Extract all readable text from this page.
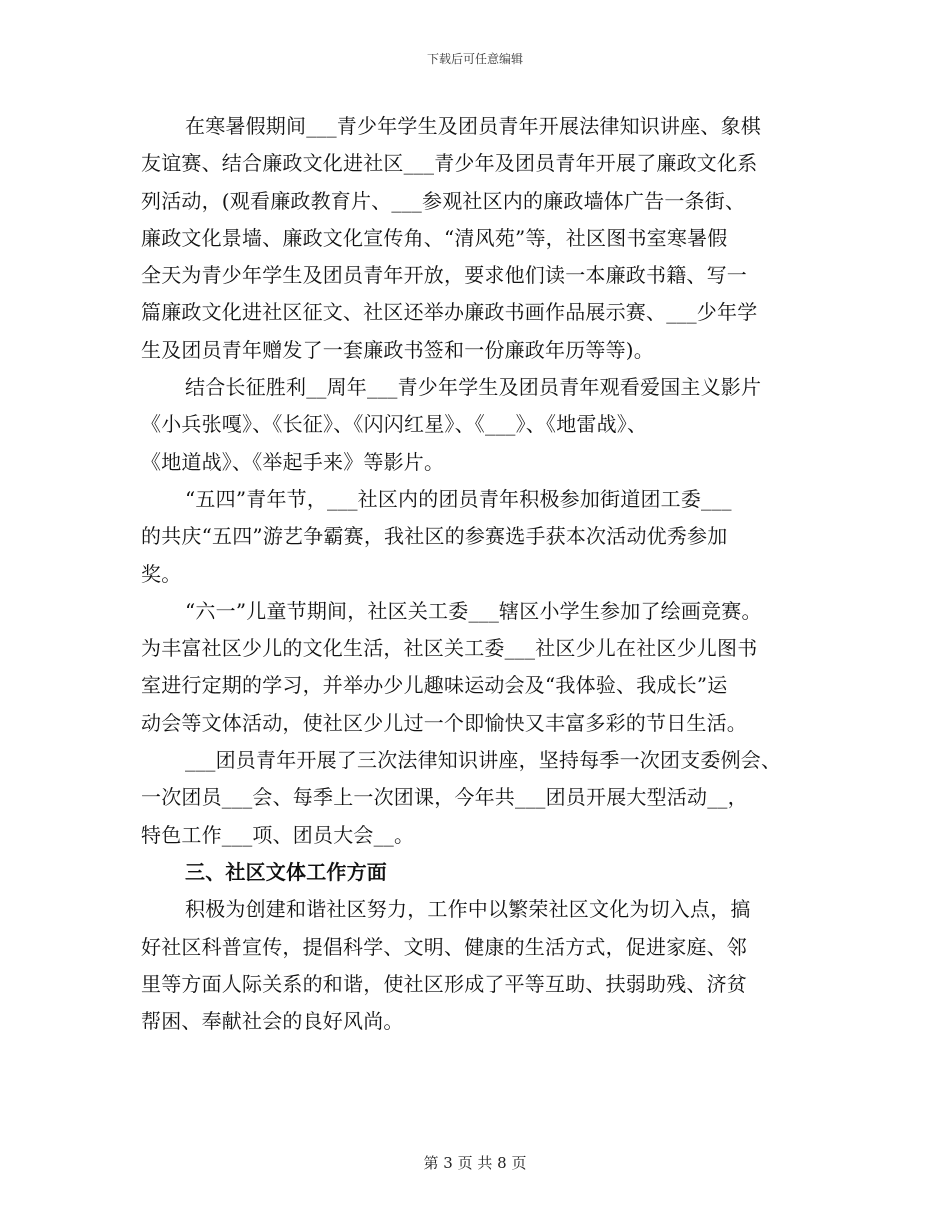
下载后可任意编辑
在寒暑假期间___青少年学生及团员青年开展法律知识讲座、象棋
友谊赛、结合廉政文化进社区___青少年及团员青年开展了廉政文化系
列活动，(观看廉政教育片、___参观社区内的廉政墙体广告一条街、
廉政文化景墙、廉政文化宣传角、“清风苑”等，社区图书室寒暑假
全天为青少年学生及团员青年开放，要求他们读一本廉政书籍、写一
篇廉政文化进社区征文、社区还举办廉政书画作品展示赛、___少年学
生及团员青年赠发了一套廉政书签和一份廉政年历等等)。
结合长征胜利__周年___青少年学生及团员青年观看爱国主义影片
《小兵张嘎》、《长征》、《闪闪红星》、《___》、《地雷战》、
《地道战》、《举起手来》等影片。
“五四”青年节，___社区内的团员青年积极参加街道团工委___
的共庆“五四”游艺争霸赛，我社区的参赛选手获本次活动优秀参加
奖。
“六一”儿童节期间，社区关工委___辖区小学生参加了绘画竞赛。
为丰富社区少儿的文化生活，社区关工委___社区少儿在社区少儿图书
室进行定期的学习，并举办少儿趣味运动会及“我体验、我成长”运
动会等文体活动，使社区少儿过一个即愉快又丰富多彩的节日生活。
___团员青年开展了三次法律知识讲座，坚持每季一次团支委例会、
一次团员___会、每季上一次团课，今年共___团员开展大型活动__，
特色工作___项、团员大会__。
三、社区文体工作方面
积极为创建和谐社区努力，工作中以繁荣社区文化为切入点，搞
好社区科普宣传，提倡科学、文明、健康的生活方式，促进家庭、邻
里等方面人际关系的和谐，使社区形成了平等互助、扶弱助残、济贫
帮困、奉献社会的良好风尚。
第 3 页 共 8 页
